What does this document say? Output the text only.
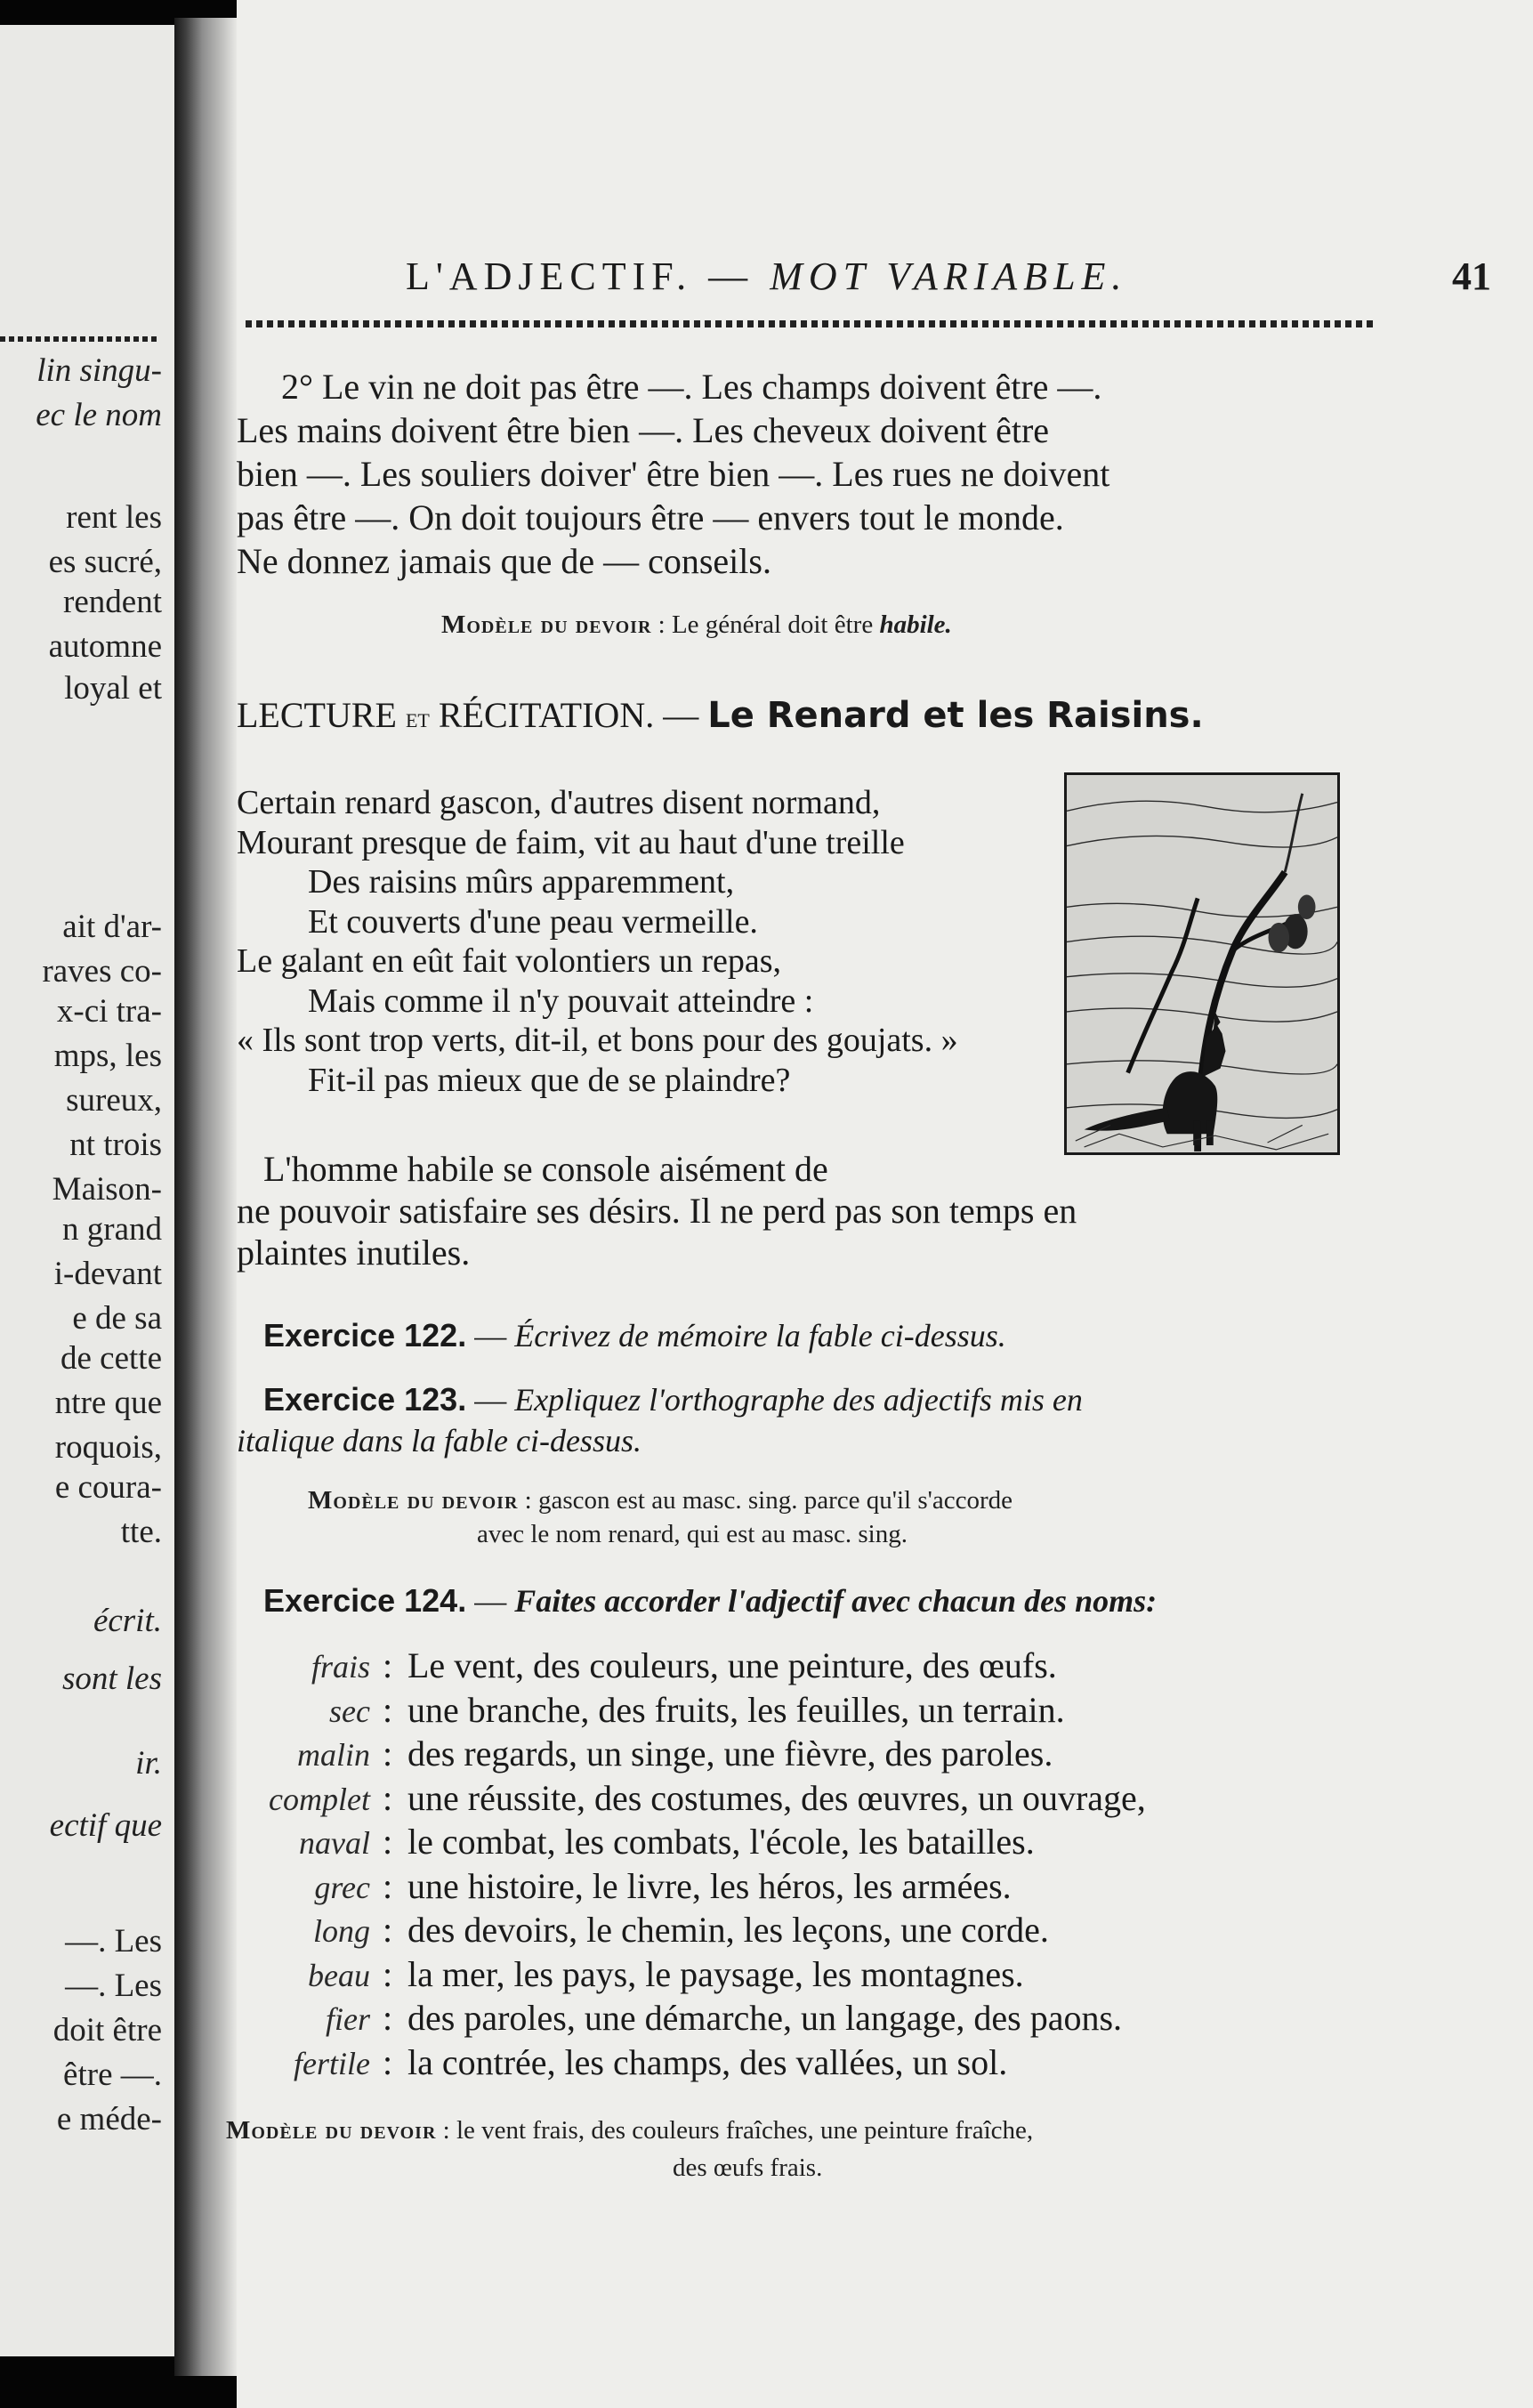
lin singu-
ec le nom
rent les
es sucré,
rendent
automne
loyal et
ait d'ar-
raves co-
x-ci tra-
mps, les
sureux,
nt trois
Maison-
n grand
i-devant
e de sa
de cette
ntre que
roquois,
e coura-
tte.
écrit.
sont les
ir.
ectif que
—. Les
—. Les
doit être
être —.
e méde-
L'ADJECTIF. — MOT VARIABLE.	41
2° Le vin ne doit pas être —. Les champs doivent être —.
Les mains doivent être bien —. Les cheveux doivent être
bien —. Les souliers doiver' être bien —. Les rues ne doivent
pas être —. On doit toujours être — envers tout le monde.
Ne donnez jamais que de — conseils.
Modèle du devoir : Le général doit être habile.
LECTURE et RÉCITATION. — Le Renard et les Raisins.
Certain renard gascon, d'autres disent normand,
Mourant presque de faim, vit au haut d'une treille
Des raisins mûrs apparemment,
Et couverts d'une peau vermeille.
Le galant en eût fait volontiers un repas,
Mais comme il n'y pouvait atteindre :
« Ils sont trop verts, dit-il, et bons pour des goujats. »
Fit-il pas mieux que de se plaindre?
L'homme habile se console aisément de
ne pouvoir satisfaire ses désirs. Il ne perd pas son temps en
plaintes inutiles.
Exercice 122. — Écrivez de mémoire la fable ci-dessus.
Exercice 123. — Expliquez l'orthographe des adjectifs mis en
italique dans la fable ci-dessus.
Modèle du devoir : gascon est au masc. sing. parce qu'il s'accorde
avec le nom renard, qui est au masc. sing.
Exercice 124. — Faites accorder l'adjectif avec chacun des noms:
frais : Le vent, des couleurs, une peinture, des œufs.
sec : une branche, des fruits, les feuilles, un terrain.
malin : des regards, un singe, une fièvre, des paroles.
complet : une réussite, des costumes, des œuvres, un ouvrage,
naval : le combat, les combats, l'école, les batailles.
grec : une histoire, le livre, les héros, les armées.
long : des devoirs, le chemin, les leçons, une corde.
beau : la mer, les pays, le paysage, les montagnes.
fier : des paroles, une démarche, un langage, des paons.
fertile : la contrée, les champs, des vallées, un sol.
Modèle du devoir : le vent frais, des couleurs fraîches, une peinture fraîche,
des œufs frais.
